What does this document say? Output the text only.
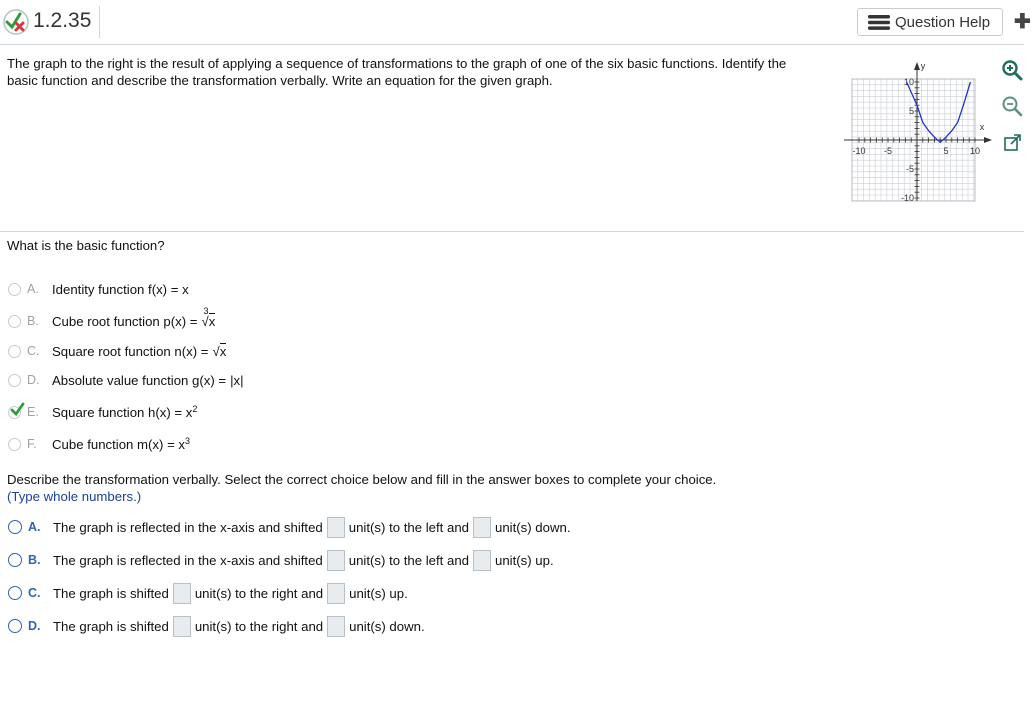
1.2.35	Question Help ✚
The graph to the right is the result of applying a sequence of transformations to the graph of one of the six basic functions. Identify the basic function and describe the transformation verbally. Write an equation for the given graph.
x
y
-10 -5	5 10
10
5
-5
-10
What is the basic function?
A. Identity function f(x) = x
B. Cube root function p(x) =
3
√x
C. Square root function n(x) = √x
D. Absolute value function g(x) = |x|
E. Square function $h(x) = x^2$
F.	Cube function $m(x) = x^3$
Describe the transformation verbally. Select the correct choice below and fill in the answer boxes to complete your choice.
(Type whole numbers.)
A. The graph is reflected in the x-axis and shifted unit(s) to the left and unit(s) down.
B. The graph is reflected in the x-axis and shifted unit(s) to the left and unit(s) up.
C. The graph is shifted unit(s) to the right and unit(s) up.
D. The graph is shifted unit(s) to the right and unit(s) down.
